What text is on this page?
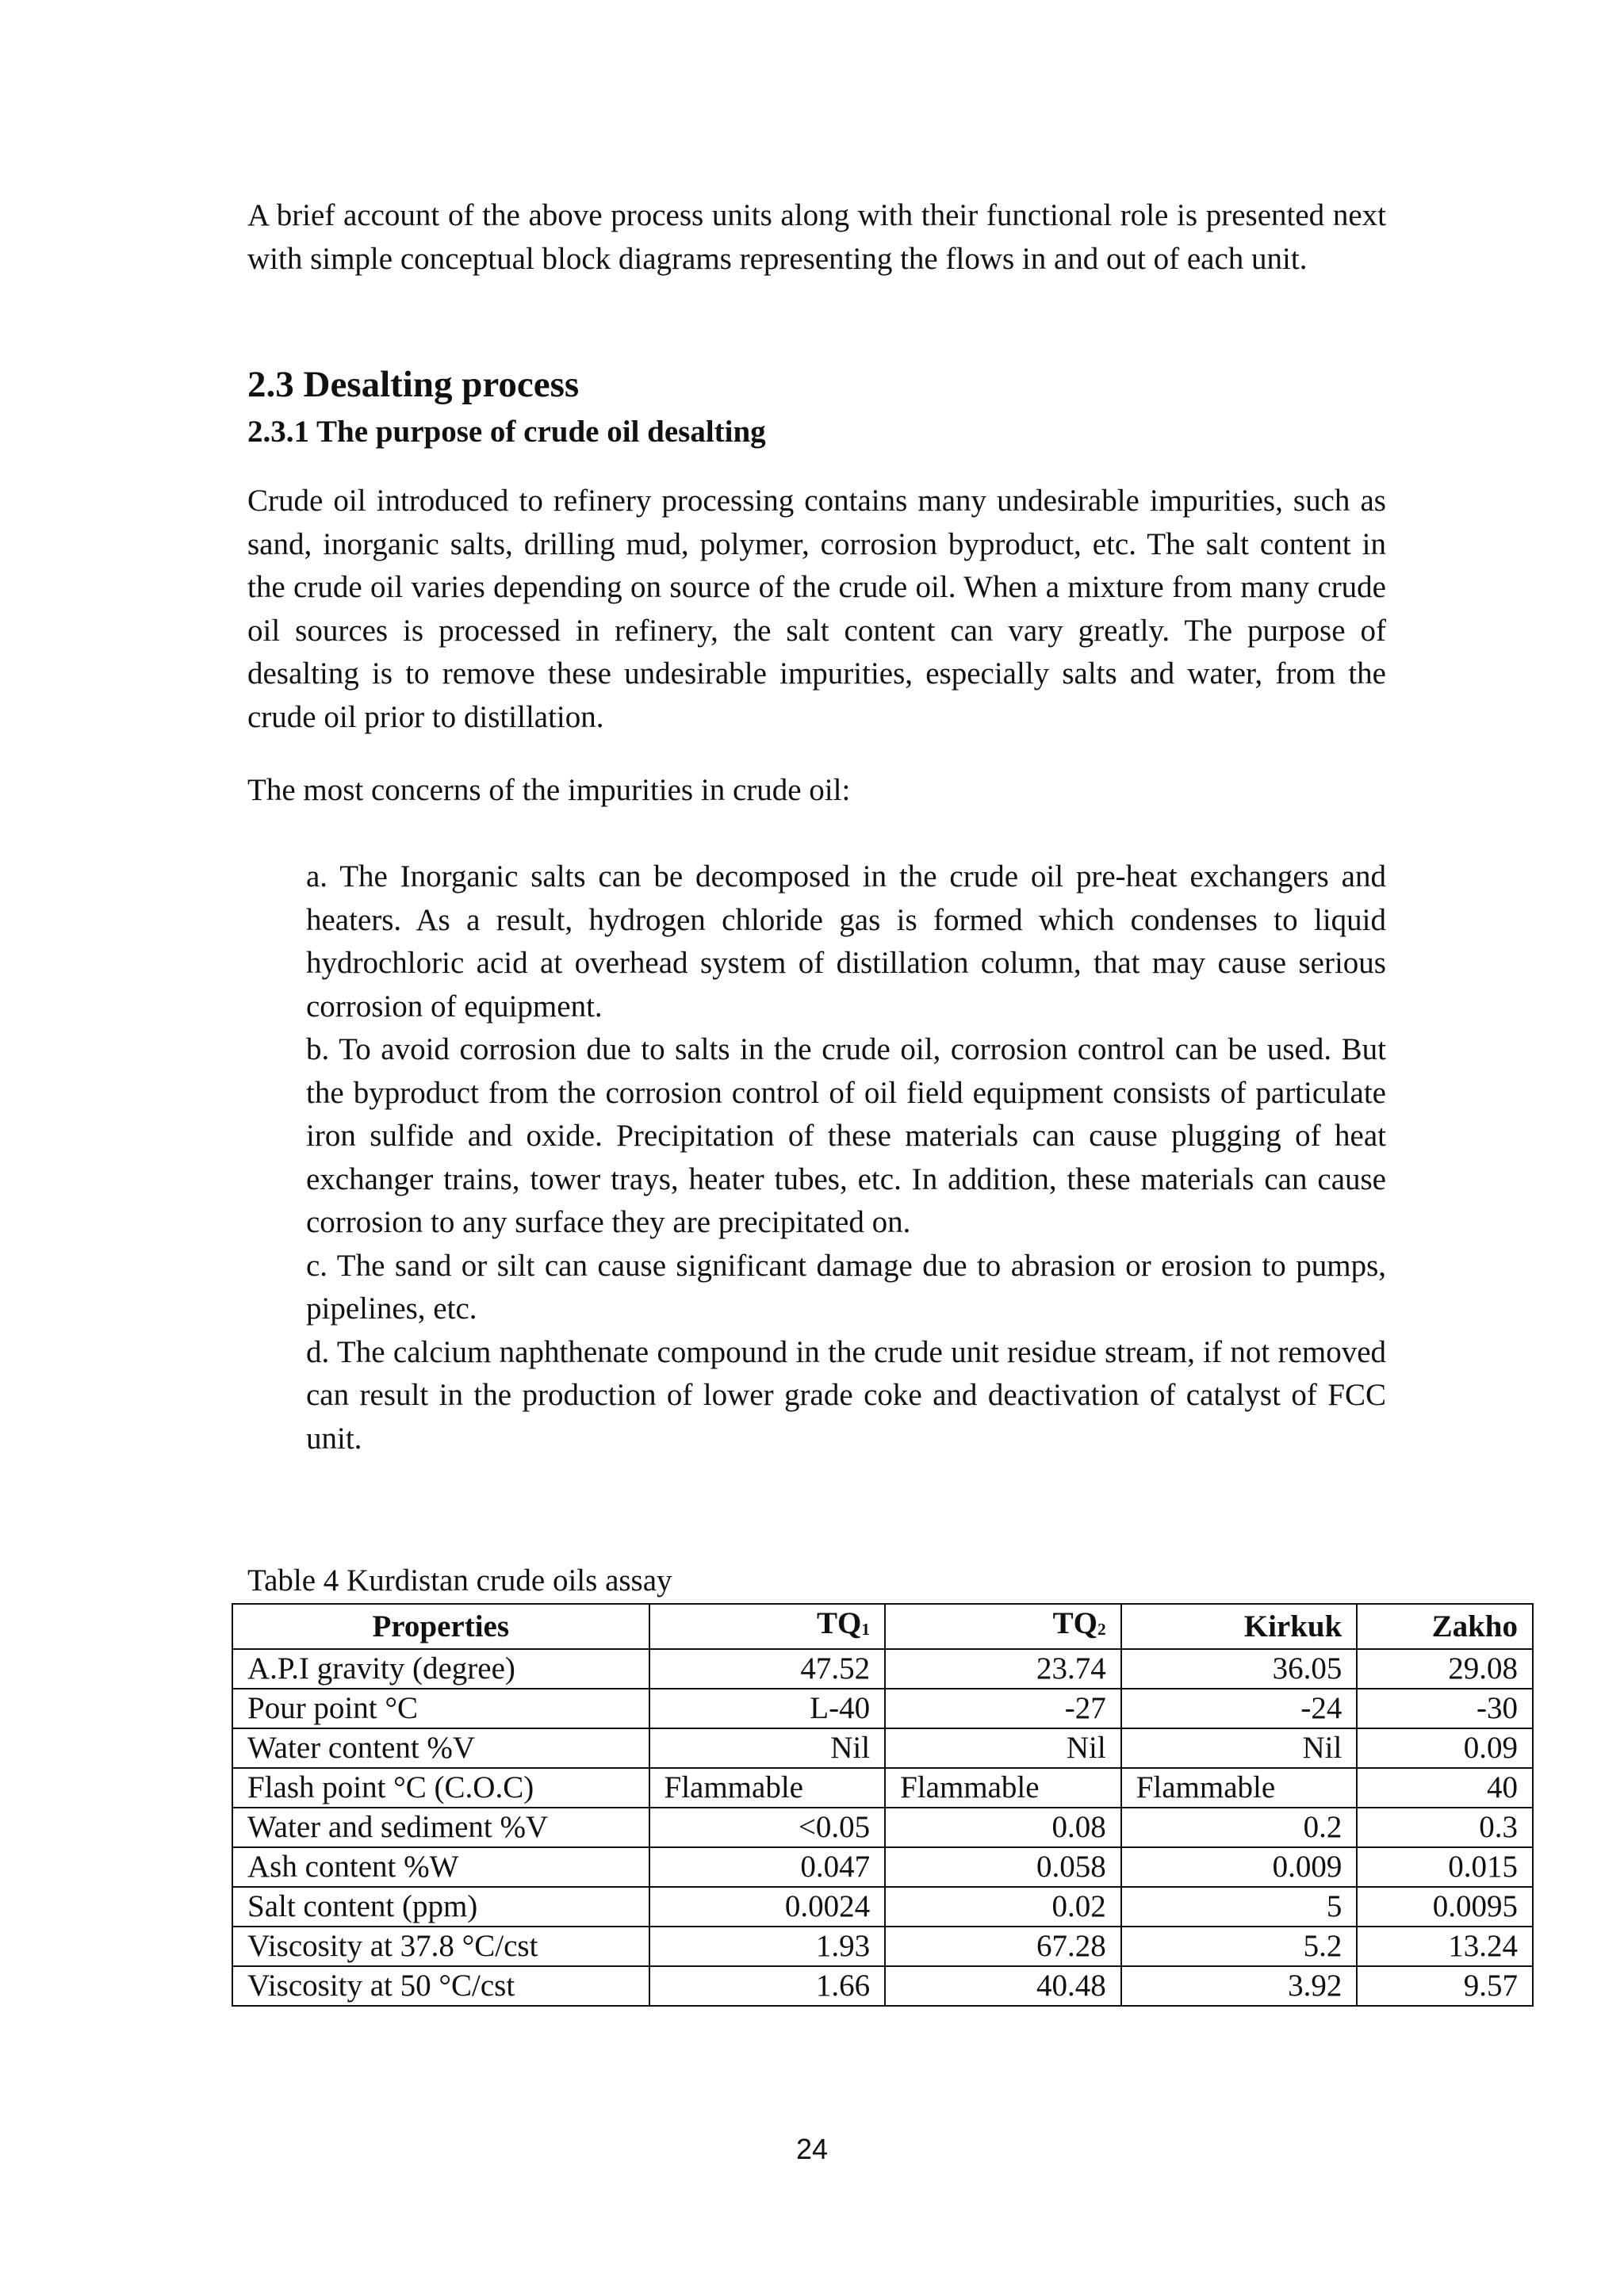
A brief account of the above process units along with their functional role is presented next with simple conceptual block diagrams representing the flows in and out of each unit.

2.3 Desalting process
2.3.1 The purpose of crude oil desalting

Crude oil introduced to refinery processing contains many undesirable impurities, such as sand, inorganic salts, drilling mud, polymer, corrosion byproduct, etc. The salt content in the crude oil varies depending on source of the crude oil. When a mixture from many crude oil sources is processed in refinery, the salt content can vary greatly. The purpose of desalting is to remove these undesirable impurities, especially salts and water, from the crude oil prior to distillation.

The most concerns of the impurities in crude oil:

a. The Inorganic salts can be decomposed in the crude oil pre-heat exchangers and heaters. As a result, hydrogen chloride gas is formed which condenses to liquid hydrochloric acid at overhead system of distillation column, that may cause serious corrosion of equipment.
b. To avoid corrosion due to salts in the crude oil, corrosion control can be used. But the byproduct from the corrosion control of oil field equipment consists of particulate iron sulfide and oxide. Precipitation of these materials can cause plugging of heat exchanger trains, tower trays, heater tubes, etc. In addition, these materials can cause corrosion to any surface they are precipitated on.
c. The sand or silt can cause significant damage due to abrasion or erosion to pumps, pipelines, etc.
d. The calcium naphthenate compound in the crude unit residue stream, if not removed can result in the production of lower grade coke and deactivation of catalyst of FCC unit.

Table 4 Kurdistan crude oils assay

Properties	$TQ_1$	$TQ_2$	Kirkuk	Zakho
A.P.I gravity (degree)	47.52	23.74	36.05	29.08
Pour point °C	L-40	-27	-24	-30
Water content %V	Nil	Nil	Nil	0.09
Flash point °C (C.O.C)	Flammable	Flammable	Flammable	40
Water and sediment %V	<0.05	0.08	0.2	0.3
Ash content %W	0.047	0.058	0.009	0.015
Salt content (ppm)	0.0024	0.02	5	0.0095
Viscosity at 37.8 °C/cst	1.93	67.28	5.2	13.24
Viscosity at 50 °C/cst	1.66	40.48	3.92	9.57
24
